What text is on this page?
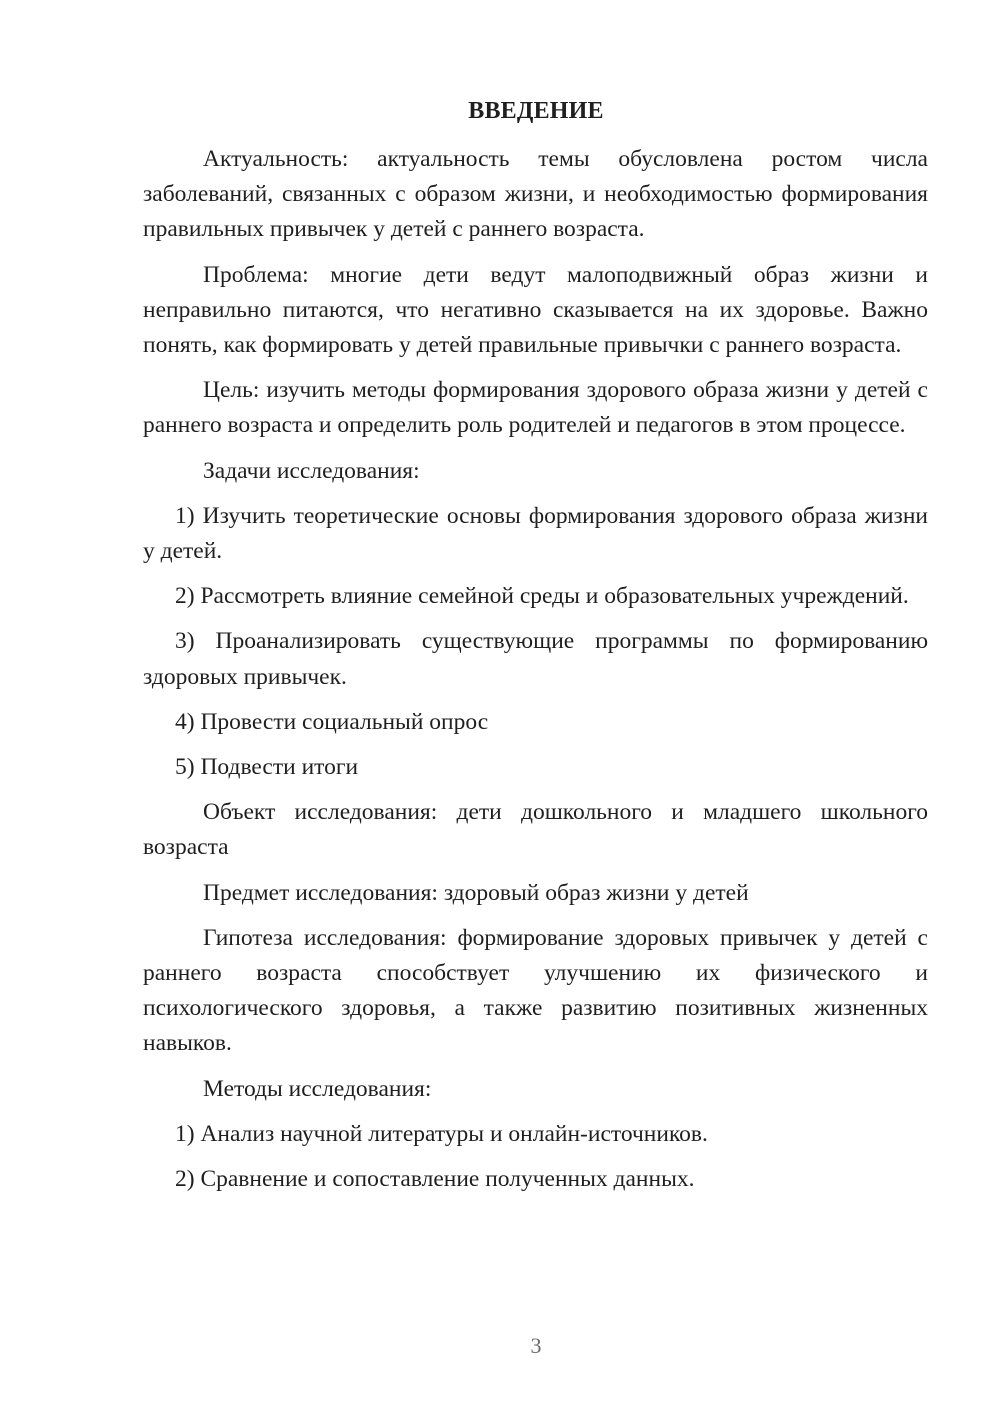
ВВЕДЕНИЕ

Актуальность: актуальность темы обусловлена ростом числа заболеваний, связанных с образом жизни, и необходимостью формирования правильных привычек у детей с раннего возраста.

Проблема: многие дети ведут малоподвижный образ жизни и неправильно питаются, что негативно сказывается на их здоровье. Важно понять, как формировать у детей правильные привычки с раннего возраста.

Цель: изучить методы формирования здорового образа жизни у детей с раннего возраста и определить роль родителей и педагогов в этом процессе.

Задачи исследования:

1) Изучить теоретические основы формирования здорового образа жизни у детей.

2) Рассмотреть влияние семейной среды и образовательных учреждений.

3) Проанализировать существующие программы по формированию здоровых привычек.

4) Провести социальный опрос

5) Подвести итоги

Объект исследования: дети дошкольного и младшего школьного возраста

Предмет исследования: здоровый образ жизни у детей

Гипотеза исследования: формирование здоровых привычек у детей с раннего возраста способствует улучшению их физического и психологического здоровья, а также развитию позитивных жизненных навыков.

Методы исследования:

1) Анализ научной литературы и онлайн-источников.

2) Сравнение и сопоставление полученных данных.

3
